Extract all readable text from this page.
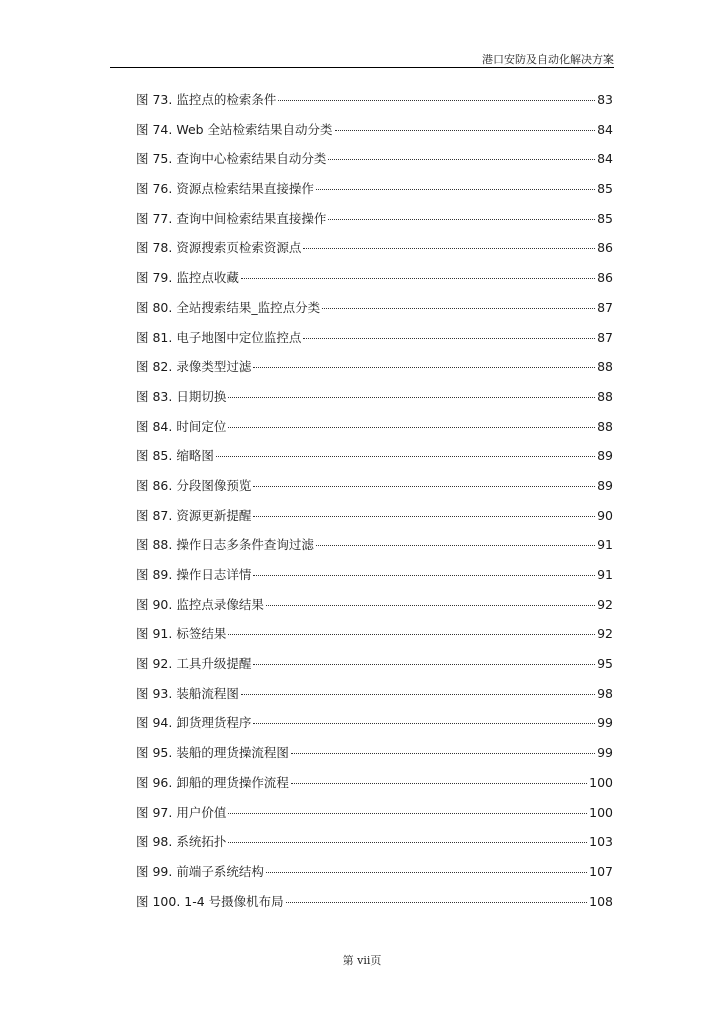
港口安防及自动化解决方案
图 73. 监控点的检索条件	83
图 74. Web 全站检索结果自动分类	84
图 75. 查询中心检索结果自动分类	84
图 76. 资源点检索结果直接操作	85
图 77. 查询中间检索结果直接操作	85
图 78. 资源搜索页检索资源点	86
图 79. 监控点收藏	86
图 80. 全站搜索结果_监控点分类	87
图 81. 电子地图中定位监控点	87
图 82. 录像类型过滤	88
图 83. 日期切换	88
图 84. 时间定位	88
图 85. 缩略图	89
图 86. 分段图像预览	89
图 87. 资源更新提醒	90
图 88. 操作日志多条件查询过滤	91
图 89. 操作日志详情	91
图 90. 监控点录像结果	92
图 91. 标签结果	92
图 92. 工具升级提醒	95
图 93. 装船流程图	98
图 94. 卸货理货程序	99
图 95. 装船的理货操流程图	99
图 96. 卸船的理货操作流程	100
图 97. 用户价值	100
图 98. 系统拓扑	103
图 99. 前端子系统结构	107
图 100. 1-4 号摄像机布局	108
第 vii页
